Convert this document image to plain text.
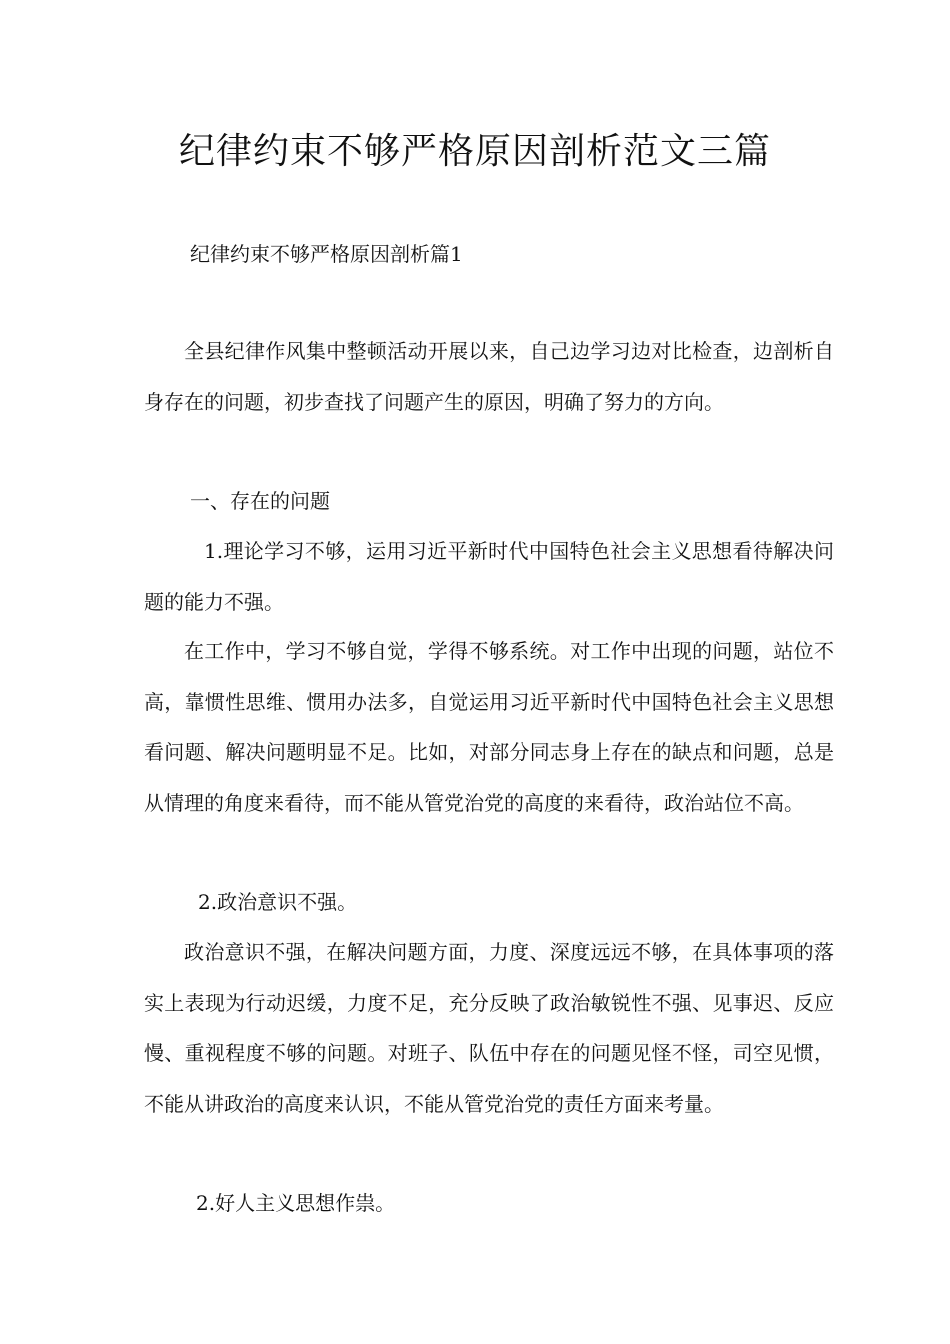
纪律约束不够严格原因剖析范文三篇

纪律约束不够严格原因剖析篇1

全县纪律作风集中整顿活动开展以来，自己边学习边对比检查，边剖析自身存在的问题，初步查找了问题产生的原因，明确了努力的方向。

一、存在的问题

1.理论学习不够，运用习近平新时代中国特色社会主义思想看待解决问题的能力不强。

在工作中，学习不够自觉，学得不够系统。对工作中出现的问题，站位不高，靠惯性思维、惯用办法多，自觉运用习近平新时代中国特色社会主义思想看问题、解决问题明显不足。比如，对部分同志身上存在的缺点和问题，总是从情理的角度来看待，而不能从管党治党的高度的来看待，政治站位不高。

2.政治意识不强。

政治意识不强，在解决问题方面，力度、深度远远不够，在具体事项的落实上表现为行动迟缓，力度不足，充分反映了政治敏锐性不强、见事迟、反应慢、重视程度不够的问题。对班子、队伍中存在的问题见怪不怪，司空见惯，不能从讲政治的高度来认识，不能从管党治党的责任方面来考量。

2.好人主义思想作祟。
